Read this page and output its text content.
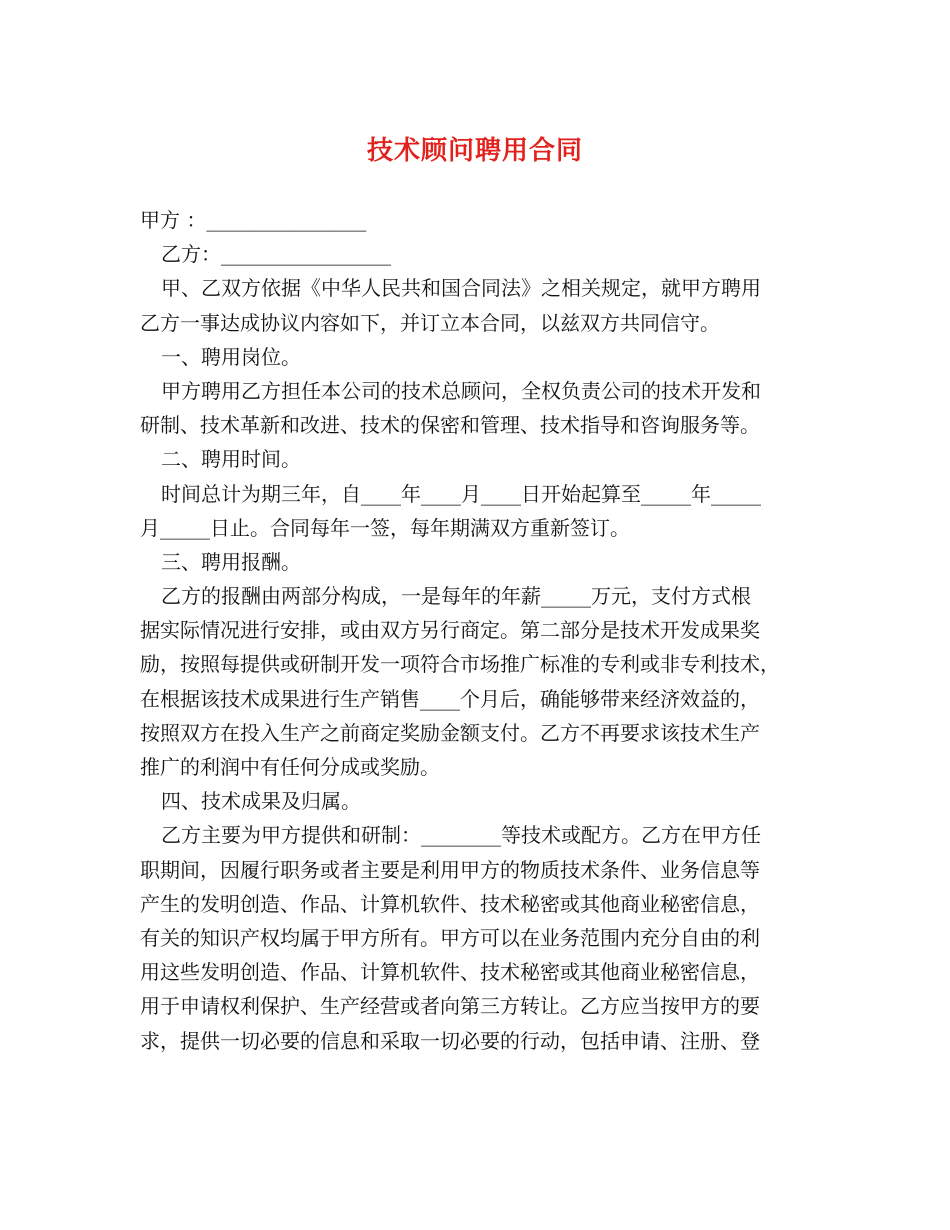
技术顾问聘用合同
甲方 ：________________
乙方：_________________
甲、乙双方依据《中华人民共和国合同法》之相关规定，就甲方聘用
乙方一事达成协议内容如下，并订立本合同，以兹双方共同信守。
一、聘用岗位。
甲方聘用乙方担任本公司的技术总顾问，全权负责公司的技术开发和
研制、技术革新和改进、技术的保密和管理、技术指导和咨询服务等。
二、聘用时间。
时间总计为期三年，自____年____月____日开始起算至_____年_____
月_____日止。合同每年一签，每年期满双方重新签订。
三、聘用报酬。
乙方的报酬由两部分构成，一是每年的年薪_____万元，支付方式根
据实际情况进行安排，或由双方另行商定。第二部分是技术开发成果奖
励，按照每提供或研制开发一项符合市场推广标准的专利或非专利技术，
在根据该技术成果进行生产销售____个月后，确能够带来经济效益的，
按照双方在投入生产之前商定奖励金额支付。乙方不再要求该技术生产
推广的利润中有任何分成或奖励。
四、技术成果及归属。
乙方主要为甲方提供和研制：________等技术或配方。乙方在甲方任
职期间，因履行职务或者主要是利用甲方的物质技术条件、业务信息等
产生的发明创造、作品、计算机软件、技术秘密或其他商业秘密信息，
有关的知识产权均属于甲方所有。甲方可以在业务范围内充分自由的利
用这些发明创造、作品、计算机软件、技术秘密或其他商业秘密信息，
用于申请权利保护、生产经营或者向第三方转让。乙方应当按甲方的要
求，提供一切必要的信息和采取一切必要的行动，包括申请、注册、登
